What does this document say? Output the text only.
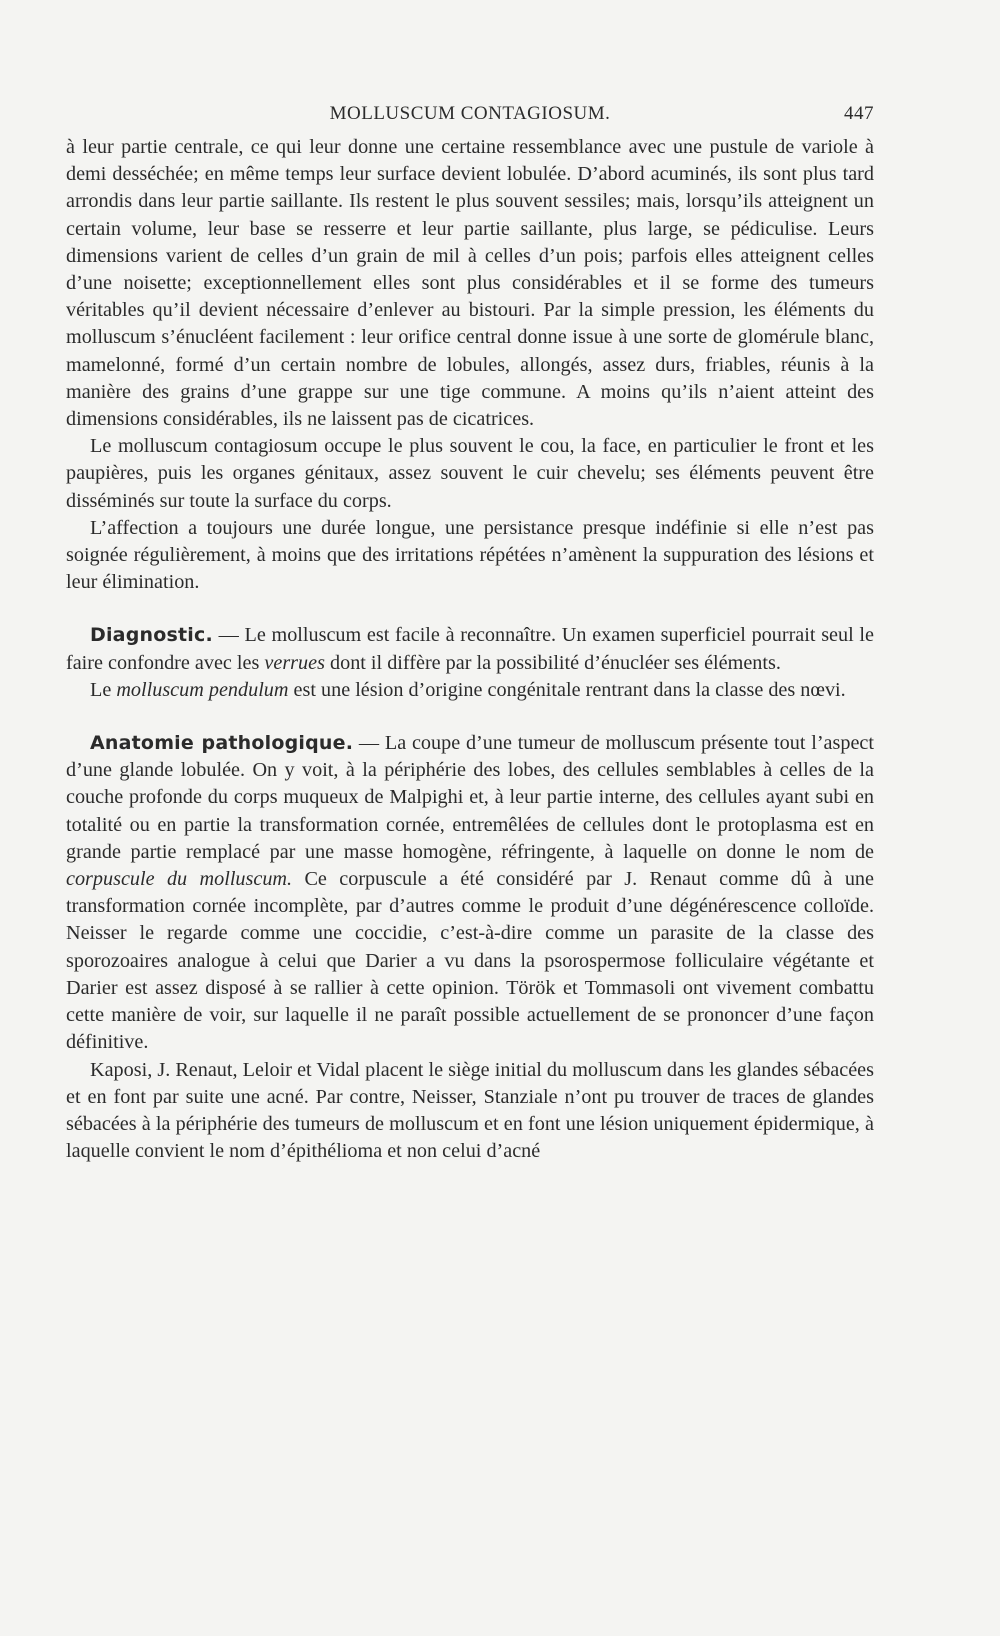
MOLLUSCUM CONTAGIOSUM.	447

à leur partie centrale, ce qui leur donne une certaine ressemblance avec une pustule de variole à demi desséchée; en même temps leur surface devient lobulée. D’abord acuminés, ils sont plus tard arrondis dans leur partie saillante. Ils restent le plus souvent sessiles; mais, lorsqu’ils atteignent un certain volume, leur base se resserre et leur partie saillante, plus large, se pédiculise. Leurs dimensions varient de celles d’un grain de mil à celles d’un pois; parfois elles atteignent celles d’une noisette; exceptionnellement elles sont plus considérables et il se forme des tumeurs véritables qu’il devient nécessaire d’enlever au bistouri. Par la simple pression, les éléments du molluscum s’énucléent facilement : leur orifice central donne issue à une sorte de glomérule blanc, mamelonné, formé d’un certain nombre de lobules, allongés, assez durs, friables, réunis à la manière des grains d’une grappe sur une tige commune. A moins qu’ils n’aient atteint des dimensions considérables, ils ne laissent pas de cicatrices.

Le molluscum contagiosum occupe le plus souvent le cou, la face, en particulier le front et les paupières, puis les organes génitaux, assez souvent le cuir chevelu; ses éléments peuvent être disséminés sur toute la surface du corps.

L’affection a toujours une durée longue, une persistance presque indéfinie si elle n’est pas soignée régulièrement, à moins que des irritations répétées n’amènent la suppuration des lésions et leur élimination.

Diagnostic. — Le molluscum est facile à reconnaître. Un examen superficiel pourrait seul le faire confondre avec les verrues dont il diffère par la possibilité d’énucléer ses éléments.

Le molluscum pendulum est une lésion d’origine congénitale rentrant dans la classe des nœvi.

Anatomie pathologique. — La coupe d’une tumeur de molluscum présente tout l’aspect d’une glande lobulée. On y voit, à la périphérie des lobes, des cellules semblables à celles de la couche profonde du corps muqueux de Malpighi et, à leur partie interne, des cellules ayant subi en totalité ou en partie la transformation cornée, entremêlées de cellules dont le protoplasma est en grande partie remplacé par une masse homogène, réfringente, à laquelle on donne le nom de corpuscule du molluscum. Ce corpuscule a été considéré par J. Renaut comme dû à une transformation cornée incomplète, par d’autres comme le produit d’une dégénérescence colloïde. Neisser le regarde comme une coccidie, c’est-à-dire comme un parasite de la classe des sporozoaires analogue à celui que Darier a vu dans la psorospermose folliculaire végétante et Darier est assez disposé à se rallier à cette opinion. Török et Tommasoli ont vivement combattu cette manière de voir, sur laquelle il ne paraît possible actuellement de se prononcer d’une façon définitive.

Kaposi, J. Renaut, Leloir et Vidal placent le siège initial du molluscum dans les glandes sébacées et en font par suite une acné. Par contre, Neisser, Stanziale n’ont pu trouver de traces de glandes sébacées à la périphérie des tumeurs de molluscum et en font une lésion uniquement épidermique, à laquelle convient le nom d’épithélioma et non celui d’acné
